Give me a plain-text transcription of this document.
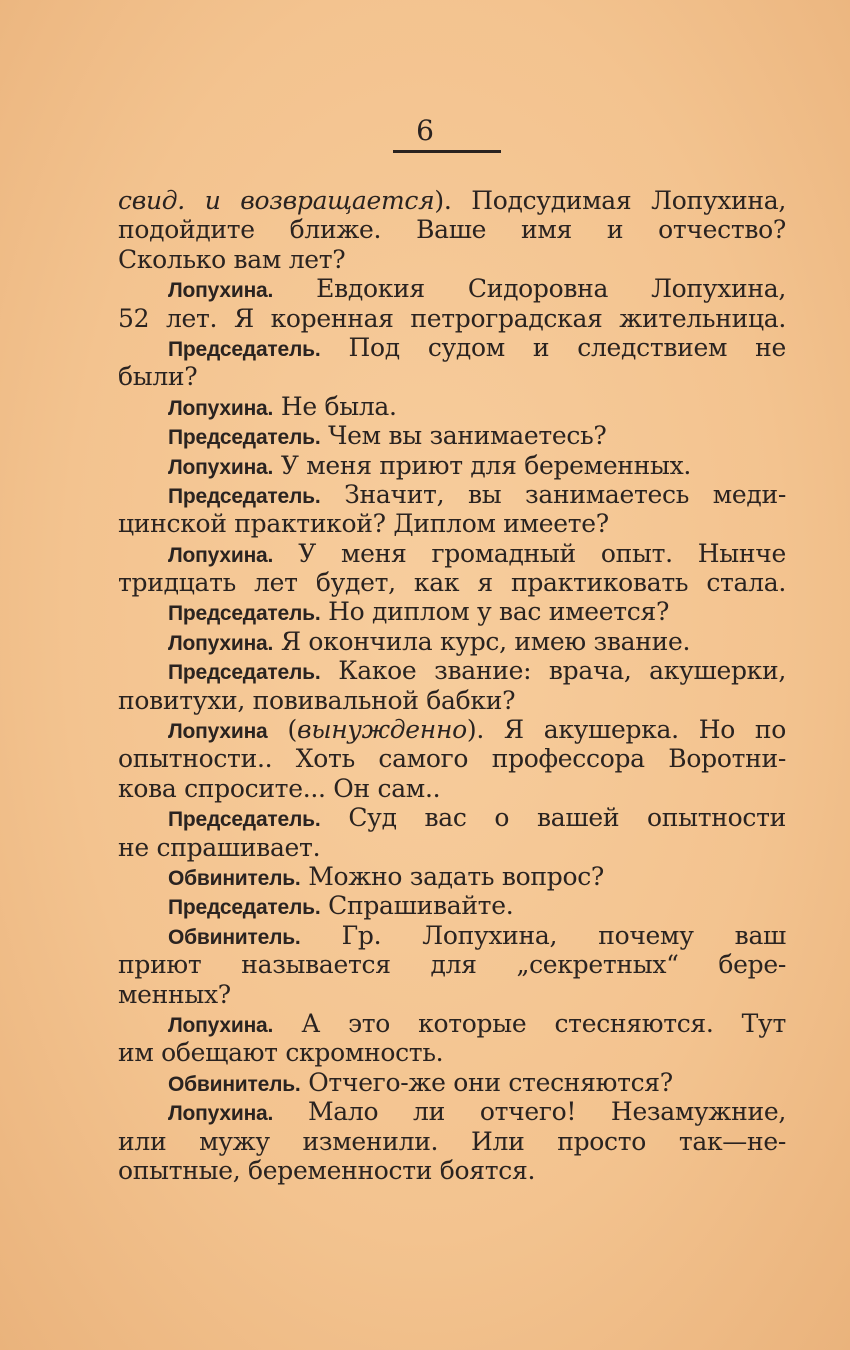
6
свид. и возвращается). Подсудимая Лопухина,
подойдите ближе. Ваше имя и отчество?
Сколько вам лет?
Лопухина. Евдокия Сидоровна Лопухина,
52 лет. Я коренная петроградская жительница.
Председатель. Под судом и следствием не
были?
Лопухина. Не была.
Председатель. Чем вы занимаетесь?
Лопухина. У меня приют для беременных.
Председатель. Значит, вы занимаетесь меди-
цинской практикой? Диплом имеете?
Лопухина. У меня громадный опыт. Нынче
тридцать лет будет, как я практиковать стала.
Председатель. Но диплом у вас имеется?
Лопухина. Я окончила курс, имею звание.
Председатель. Какое звание: врача, акушерки,
повитухи, повивальной бабки?
Лопухина (вынужденно). Я акушерка. Но по
опытности.. Хоть самого профессора Воротни-
кова спросите... Он сам..
Председатель. Суд вас о вашей опытности
не спрашивает.
Обвинитель. Можно задать вопрос?
Председатель. Спрашивайте.
Обвинитель. Гр. Лопухина, почему ваш
приют называется для „секретных“ бере-
менных?
Лопухина. А это которые стесняются. Тут
им обещают скромность.
Обвинитель. Отчего-же они стесняются?
Лопухина. Мало ли отчего! Незамужние,
или мужу изменили. Или просто так—не-
опытные, беременности боятся.
